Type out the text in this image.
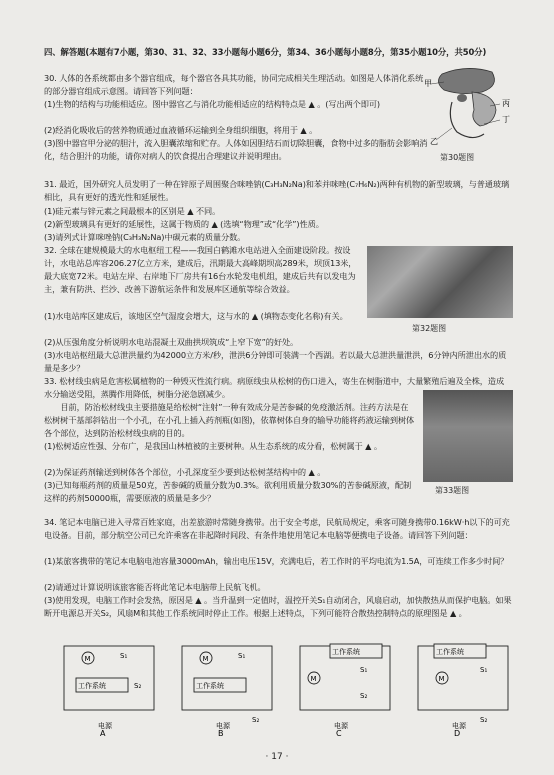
四、解答题(本题有7小题，第30、31、32、33小题每小题6分，第34、36小题每小题8分，第35小题10分，共50分)
30. 人体的各系统都由多个器官组成，每个器官各具其功能，协同完成相关生理活动。如图是人体消化系统的部分器官组成示意图。请回答下列问题：
(1)生物的结构与功能相适应。图中器官乙与消化功能相适应的结构特点是 ▲ 。(写出两个即可)
(2)经消化吸收后的营养物质通过血液循环运输到全身组织细胞，将用于 ▲ 。
(3)图中器官甲分泌的胆汁，流入胆囊浓缩和贮存。人体如因胆结石而切除胆囊，食物中过多的脂肪会影响消化，结合胆汁的功能，请你对病人的饮食提出合理建议并说明理由。
甲
丙
丁
乙
第30题图
31. 最近，国外研究人员发明了一种在锌原子周围聚合咪唑钠(C₃H₃N₂Na)和苯并咪唑(C₇H₆N₂)两种有机物的新型玻璃，与普通玻璃相比，具有更好的透光性和延展性。
(1)硅元素与锌元素之间最根本的区别是 ▲ 不同。
(2)新型玻璃具有更好的延展性，这属于物质的 ▲ (选填“物理”或“化学”)性质。
(3)请列式计算咪唑钠(C₃H₃N₂Na)中碳元素的质量分数。
32. 全球在建规模最大的水电枢纽工程——我国白鹤滩水电站进入全面建设阶段。按设计，水电站总库容206.27亿立方米，建成后，汛期最大高峰期坝高289米，坝顶13米，最大底宽72米。电站左岸、右岸地下厂房共有16台水轮发电机组，建成后共有以发电为主，兼有防洪、拦沙、改善下游航运条件和发展库区通航等综合效益。
(1)水电站库区建成后，该地区空气湿度会增大，这与水的 ▲ (填物态变化名称)有关。
(2)从压强角度分析说明水电站混凝土双曲拱坝筑成“上窄下宽”的好处。
(3)水电站枢纽最大总泄洪量约为42000立方米/秒，泄洪6分钟即可装满一个西湖。若以最大总泄洪量泄洪，6分钟内所泄出水的质量是多少？
第32题图
33. 松材线虫病是危害松属植物的一种毁灭性流行病。病原线虫从松树的伤口进入，寄生在树脂道中，大量繁殖后遍及全株，造成水分输送受阻，蒸腾作用降低，树脂分泌急剧减少。
目前，防治松材线虫主要措施是给松树“注射”一种有效成分是苦参碱的免疫激活剂。注药方法是在松树树干基部斜钻出一个小孔，在小孔上插入药剂瓶(如图)，依靠树体自身的输导功能将药液运输到树体各个部位，达到防治松材线虫病的目的。
(1)松树适应性强、分布广，是我国山林植被的主要树种。从生态系统的成分看，松树属于 ▲ 。
(2)为保证药剂输送到树体各个部位，小孔深度至少要到达松树茎结构中的 ▲ 。
(3)已知每瓶药剂的质量是50克，苦参碱的质量分数为0.3%。欲利用质量分数30%的苦参碱原液，配制这样的药剂50000瓶，需要原液的质量是多少？
第33题图
34. 笔记本电脑已进入寻常百姓家庭，出差旅游时常随身携带。出于安全考虑，民航局规定，乘客可随身携带0.16kW·h以下的可充电设备。目前，部分航空公司已允许乘客在非起降时间段、有条件地使用笔记本电脑等便携电子设备。请回答下列问题：
(1)某旅客携带的笔记本电脑电池容量3000mAh，输出电压15V，充满电后，若工作时的平均电流为1.5A，可连续工作多少时间？
(2)请通过计算说明该旅客能否将此笔记本电脑带上民航飞机。
(3)使用发现，电脑工作时会发热，原因是 ▲ 。当升温到一定值时，温控开关S₁自动闭合，风扇启动，加快散热从而保护电脑。如果断开电源总开关S₂，风扇M和其他工作系统同时停止工作。根据上述特点，下列可能符合散热控制特点的原理图是 ▲ 。
M	S₁
工作系统	S₂
电源
A
M	S₁
工作系统
S₂
电源
B
M
工作系统
S₁
S₂
电源
C
工作系统
M
S₁
S₂
电源
D
· 17 ·
